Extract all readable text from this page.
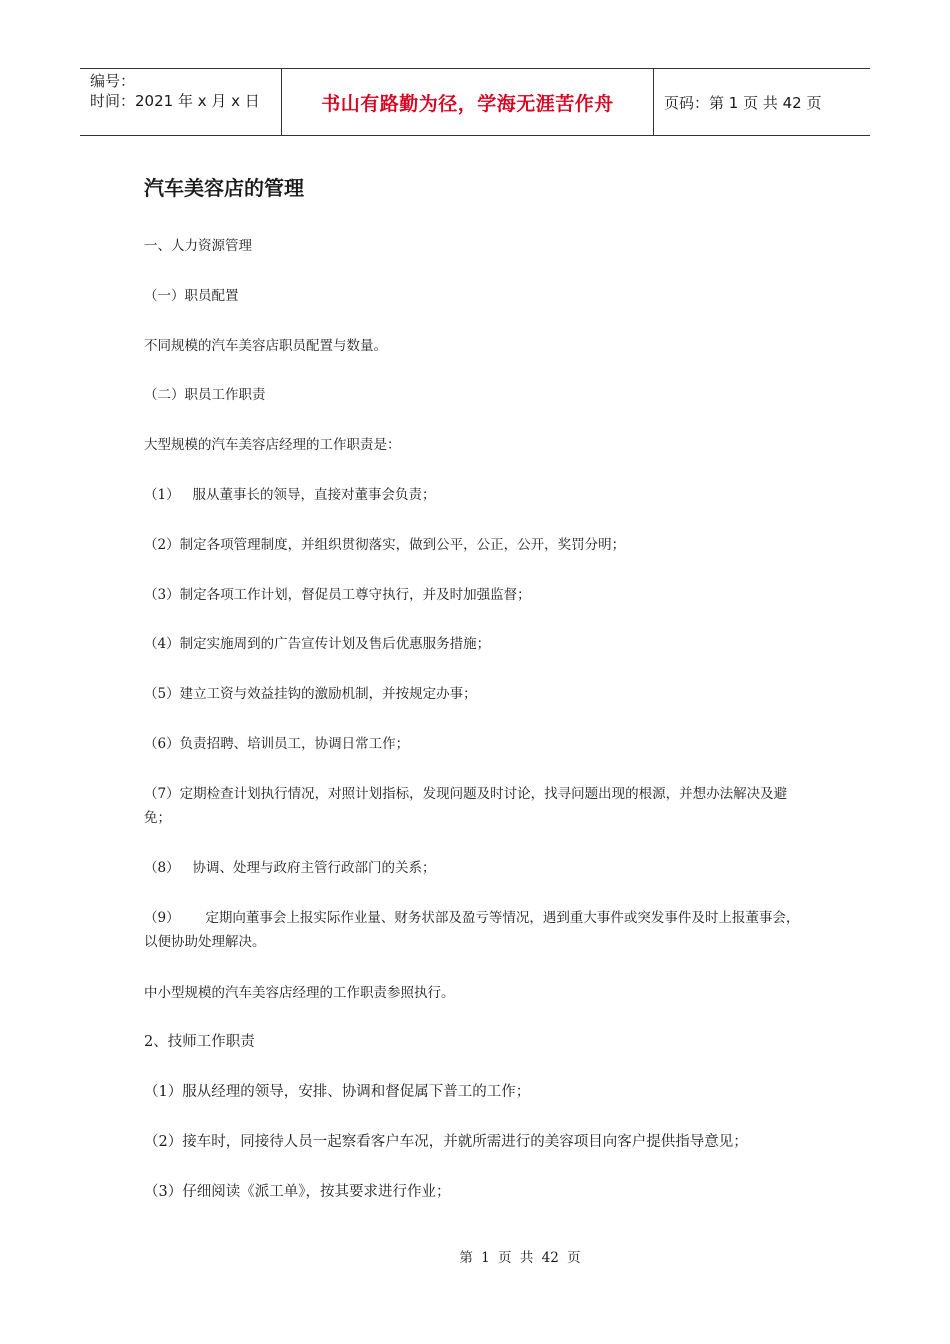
编号：
时间：2021 年 x 月 x 日	书山有路勤为径，学海无涯苦作舟	页码：第 1 页 共 42 页
汽车美容店的管理
一、人力资源管理
（一）职员配置
不同规模的汽车美容店职员配置与数量。
（二）职员工作职责
大型规模的汽车美容店经理的工作职责是：
（1）   服从董事长的领导，直接对董事会负责；
（2）制定各项管理制度，并组织贯彻落实，做到公平，公正，公开，奖罚分明；
（3）制定各项工作计划，督促员工尊守执行，并及时加强监督；
（4）制定实施周到的广告宣传计划及售后优惠服务措施；
（5）建立工资与效益挂钩的激励机制，并按规定办事；
（6）负责招聘、培训员工，协调日常工作；
（7）定期检查计划执行情况，对照计划指标，发现问题及时讨论，找寻问题出现的根源，并想办法解决及避免；
（8）   协调、处理与政府主管行政部门的关系；
（9）      定期向董事会上报实际作业量、财务状部及盈亏等情况，遇到重大事件或突发事件及时上报董事会，以便协助处理解决。
中小型规模的汽车美容店经理的工作职责参照执行。
2、技师工作职责
（1）服从经理的领导，安排、协调和督促属下普工的工作；
（2）接车时，同接待人员一起察看客户车况，并就所需进行的美容项目向客户提供指导意见；
（3）仔细阅读《派工单》，按其要求进行作业；
第 1 页 共 42 页
